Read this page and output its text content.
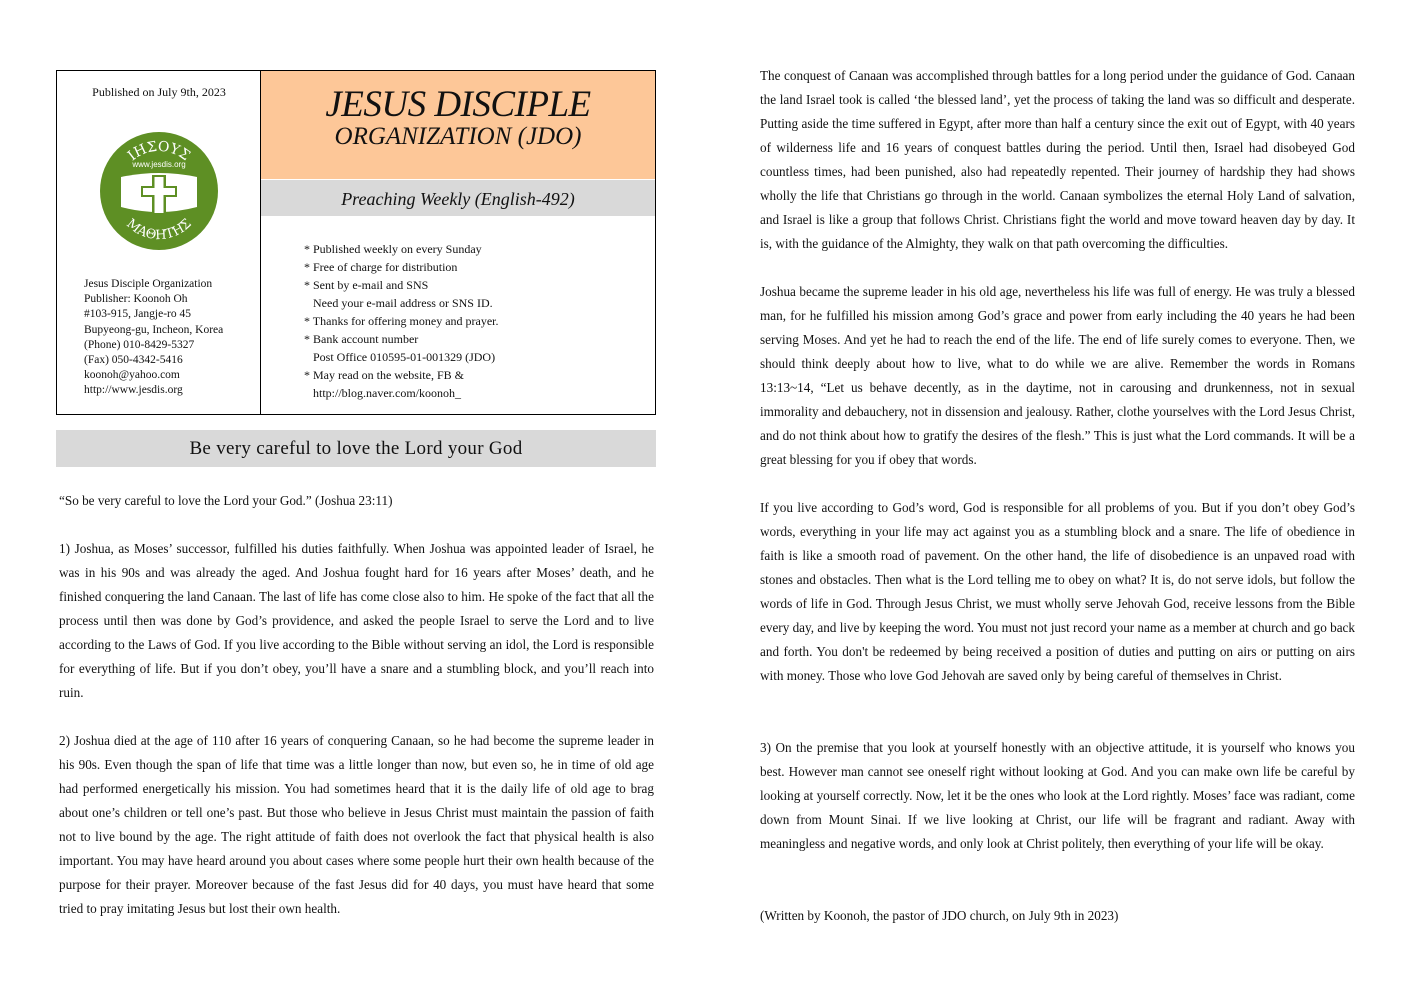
Published on July 9th, 2023
ΙΗΣΟΥΣ
www.jesdis.org
ΜΑΘΗΤΗΣ
Jesus Disciple Organization
Publisher: Koonoh Oh
#103-915, Jangje-ro 45
Bupyeong-gu, Incheon, Korea
(Phone) 010-8429-5327
(Fax) 050-4342-5416
koonoh@yahoo.com
http://www.jesdis.org
JESUS DISCIPLE
ORGANIZATION (JDO)
Preaching Weekly (English-492)
* Published weekly on every Sunday
* Free of charge for distribution
* Sent by e-mail and SNS
Need your e-mail address or SNS ID.
* Thanks for offering money and prayer.
* Bank account number
Post Office 010595-01-001329 (JDO)
* May read on the website, FB &
http://blog.naver.com/koonoh_
Be very careful to love the Lord your God

“So be very careful to love the Lord your God.” (Joshua 23:11)

1) Joshua, as Moses’ successor, fulfilled his duties faithfully. When Joshua was appointed leader of Israel, he was in his 90s and was already the aged. And Joshua fought hard for 16 years after Moses’ death, and he finished conquering the land Canaan. The last of life has come close also to him. He spoke of the fact that all the process until then was done by God’s providence, and asked the people Israel to serve the Lord and to live according to the Laws of God. If you live according to the Bible without serving an idol, the Lord is responsible for everything of life. But if you don’t obey, you’ll have a snare and a stumbling block, and you’ll reach into ruin.

2) Joshua died at the age of 110 after 16 years of conquering Canaan, so he had become the supreme leader in his 90s. Even though the span of life that time was a little longer than now, but even so, he in time of old age had performed energetically his mission. You had sometimes heard that it is the daily life of old age to brag about one’s children or tell one’s past. But those who believe in Jesus Christ must maintain the passion of faith not to live bound by the age. The right attitude of faith does not overlook the fact that physical health is also important. You may have heard around you about cases where some people hurt their own health because of the purpose for their prayer. Moreover because of the fast Jesus did for 40 days, you must have heard that some tried to pray imitating Jesus but lost their own health.

The conquest of Canaan was accomplished through battles for a long period under the guidance of God. Canaan the land Israel took is called ‘the blessed land’, yet the process of taking the land was so difficult and desperate. Putting aside the time suffered in Egypt, after more than half a century since the exit out of Egypt, with 40 years of wilderness life and 16 years of conquest battles during the period. Until then, Israel had disobeyed God countless times, had been punished, also had repeatedly repented. Their journey of hardship they had shows wholly the life that Christians go through in the world. Canaan symbolizes the eternal Holy Land of salvation, and Israel is like a group that follows Christ. Christians fight the world and move toward heaven day by day. It is, with the guidance of the Almighty, they walk on that path overcoming the difficulties.

Joshua became the supreme leader in his old age, nevertheless his life was full of energy. He was truly a blessed man, for he fulfilled his mission among God’s grace and power from early including the 40 years he had been serving Moses. And yet he had to reach the end of the life. The end of life surely comes to everyone. Then, we should think deeply about how to live, what to do while we are alive. Remember the words in Romans 13:13~14, “Let us behave decently, as in the daytime, not in carousing and drunkenness, not in sexual immorality and debauchery, not in dissension and jealousy. Rather, clothe yourselves with the Lord Jesus Christ, and do not think about how to gratify the desires of the flesh.” This is just what the Lord commands. It will be a great blessing for you if obey that words.

If you live according to God’s word, God is responsible for all problems of you. But if you don’t obey God’s words, everything in your life may act against you as a stumbling block and a snare. The life of obedience in faith is like a smooth road of pavement. On the other hand, the life of disobedience is an unpaved road with stones and obstacles. Then what is the Lord telling me to obey on what? It is, do not serve idols, but follow the words of life in God. Through Jesus Christ, we must wholly serve Jehovah God, receive lessons from the Bible every day, and live by keeping the word. You must not just record your name as a member at church and go back and forth. You don't be redeemed by being received a position of duties and putting on airs or putting on airs with money. Those who love God Jehovah are saved only by being careful of themselves in Christ.

3) On the premise that you look at yourself honestly with an objective attitude, it is yourself who knows you best. However man cannot see oneself right without looking at God. And you can make own life be careful by looking at yourself correctly. Now, let it be the ones who look at the Lord rightly. Moses’ face was radiant, come down from Mount Sinai. If we live looking at Christ, our life will be fragrant and radiant. Away with meaningless and negative words, and only look at Christ politely, then everything of your life will be okay.

(Written by Koonoh, the pastor of JDO church, on July 9th in 2023)
